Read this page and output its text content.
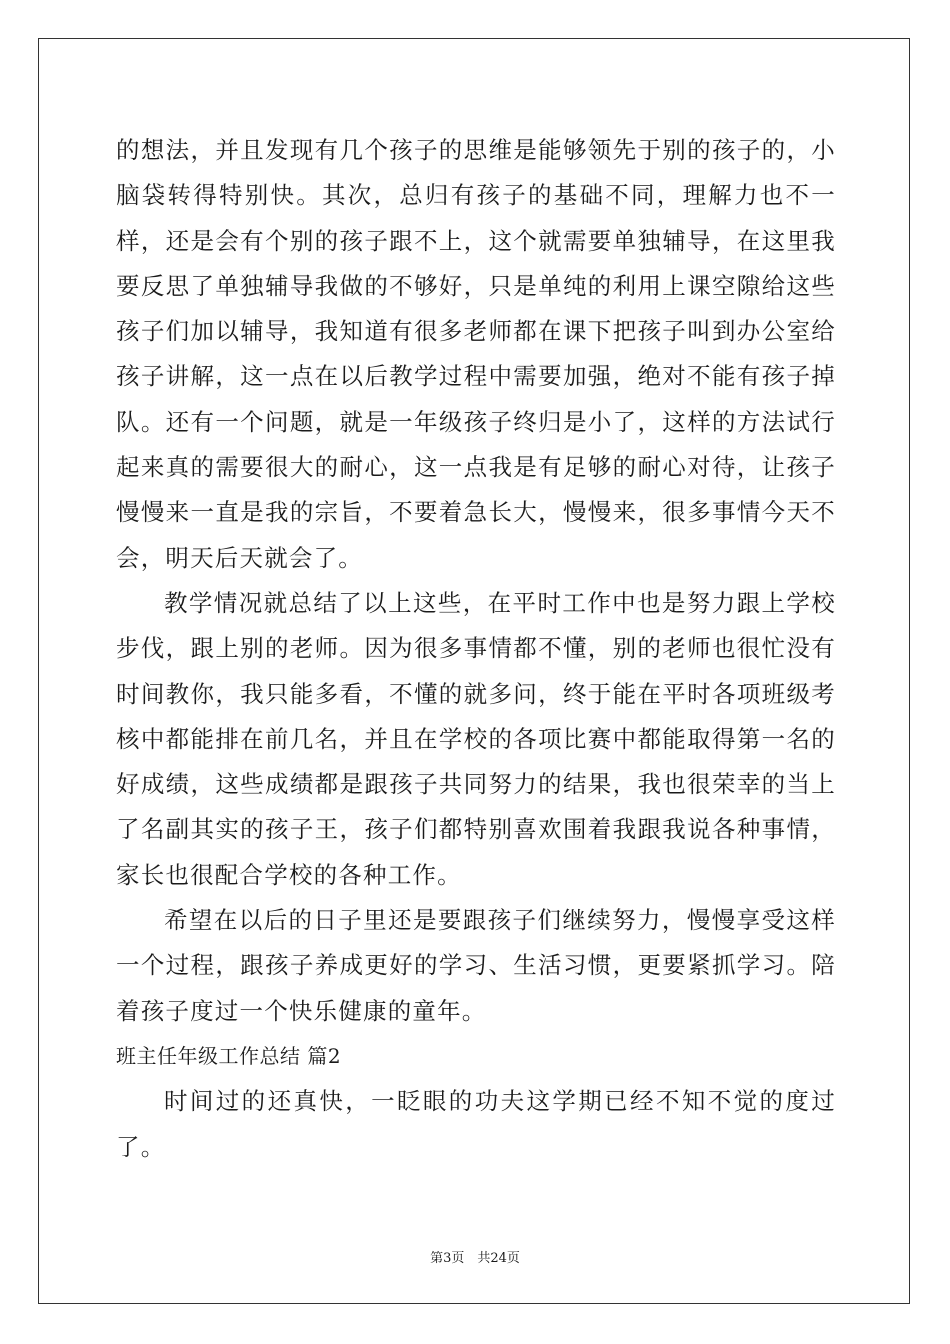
的想法，并且发现有几个孩子的思维是能够领先于别的孩子的，小脑袋转得特别快。其次，总归有孩子的基础不同，理解力也不一样，还是会有个别的孩子跟不上，这个就需要单独辅导，在这里我要反思了单独辅导我做的不够好，只是单纯的利用上课空隙给这些孩子们加以辅导，我知道有很多老师都在课下把孩子叫到办公室给孩子讲解，这一点在以后教学过程中需要加强，绝对不能有孩子掉队。还有一个问题，就是一年级孩子终归是小了，这样的方法试行起来真的需要很大的耐心，这一点我是有足够的耐心对待，让孩子慢慢来一直是我的宗旨，不要着急长大，慢慢来，很多事情今天不会，明天后天就会了。

教学情况就总结了以上这些，在平时工作中也是努力跟上学校步伐，跟上别的老师。因为很多事情都不懂，别的老师也很忙没有时间教你，我只能多看，不懂的就多问，终于能在平时各项班级考核中都能排在前几名，并且在学校的各项比赛中都能取得第一名的好成绩，这些成绩都是跟孩子共同努力的结果，我也很荣幸的当上了名副其实的孩子王，孩子们都特别喜欢围着我跟我说各种事情，家长也很配合学校的各种工作。

希望在以后的日子里还是要跟孩子们继续努力，慢慢享受这样一个过程，跟孩子养成更好的学习、生活习惯，更要紧抓学习。陪着孩子度过一个快乐健康的童年。

班主任年级工作总结 篇2

时间过的还真快，一眨眼的功夫这学期已经不知不觉的度过了。

第3页　共24页
